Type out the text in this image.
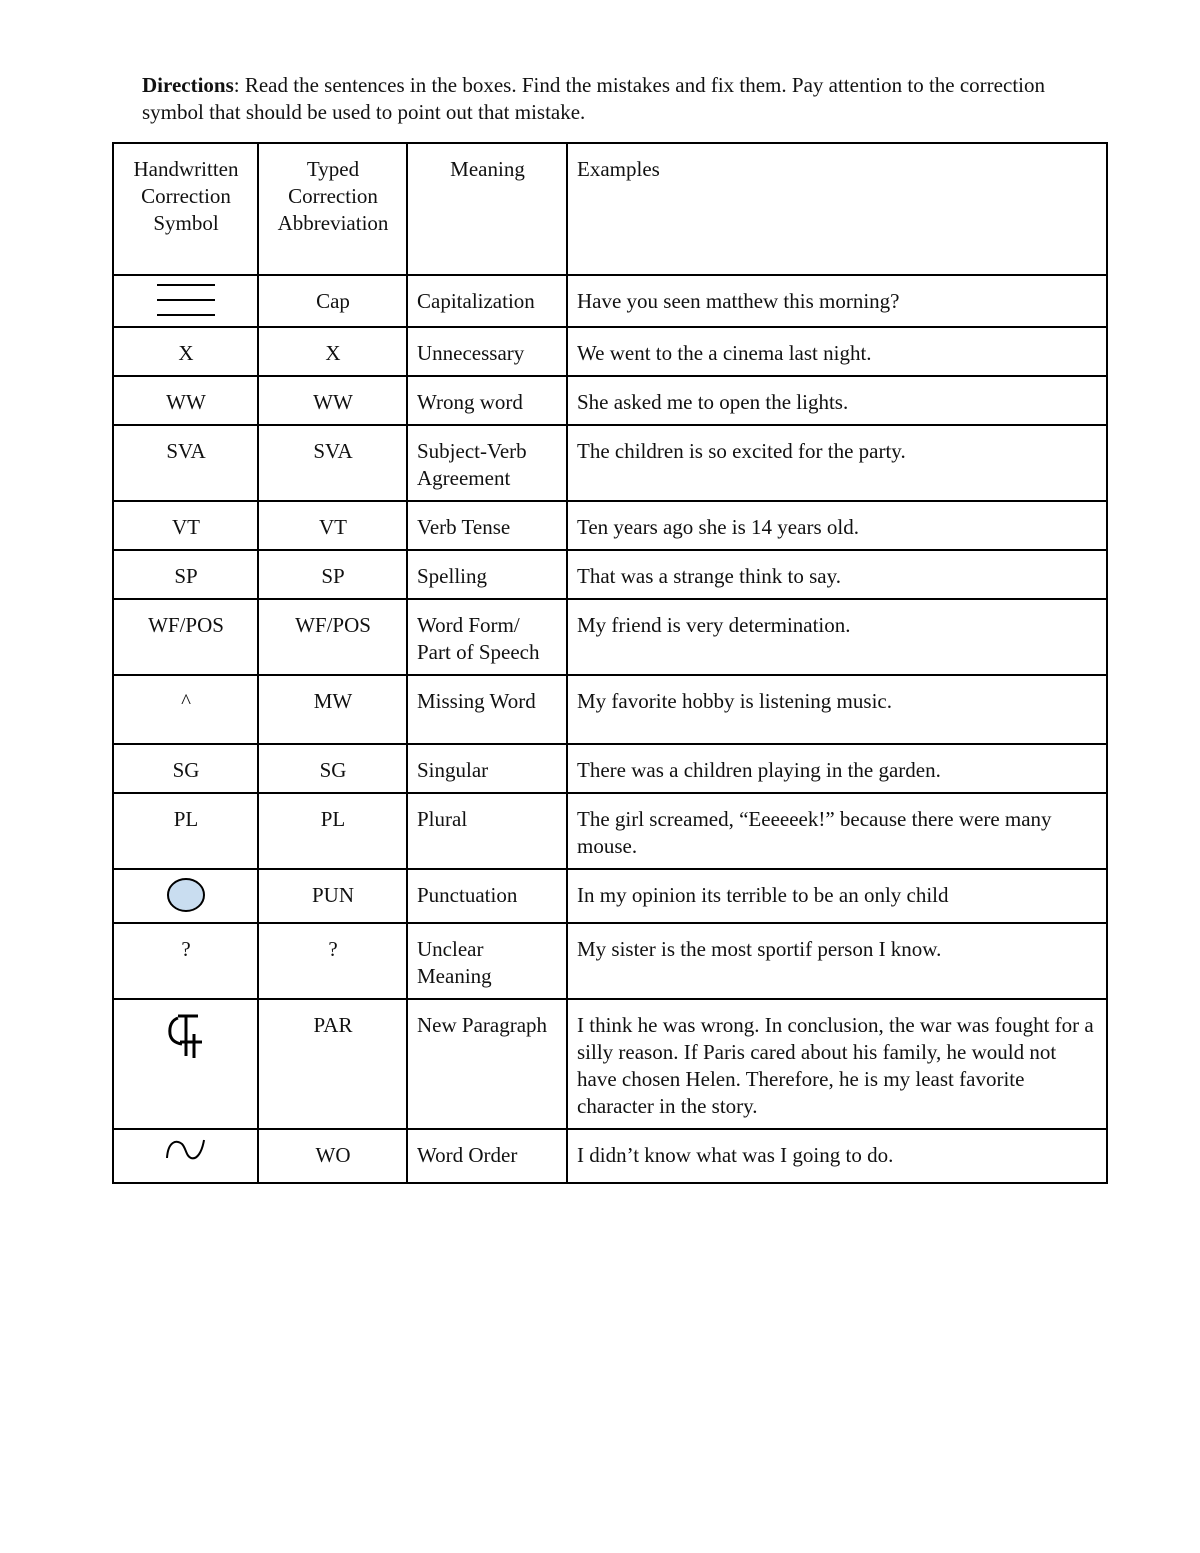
Directions: Read the sentences in the boxes. Find the mistakes and fix them. Pay attention to the correction symbol that should be used to point out that mistake.

Handwritten Correction Symbol	Typed Correction Abbreviation	Meaning	Examples

	Cap	Capitalization	Have you seen matthew this morning?
X	X	Unnecessary	We went to the a cinema last night.
WW	WW	Wrong word	She asked me to open the lights.
SVA	SVA	Subject-Verb Agreement	The children is so excited for the party.
VT	VT	Verb Tense	Ten years ago she is 14 years old.
SP	SP	Spelling	That was a strange think to say.
WF/POS	WF/POS	Word Form/ Part of Speech	My friend is very determination.
^	MW	Missing Word	My favorite hobby is listening music.
SG	SG	Singular	There was a children playing in the garden.
PL	PL	Plural	The girl screamed, “Eeeeeek!” because there were many mouse.

	PUN	Punctuation	In my opinion its terrible to be an only child
?	?	Unclear Meaning	My sister is the most sportif person I know.

	PAR	New Paragraph	I think he was wrong. In conclusion, the war was fought for a silly reason. If Paris cared about his family, he would not have chosen Helen. Therefore, he is my least favorite character in the story.

	WO	Word Order	I didn’t know what was I going to do.
